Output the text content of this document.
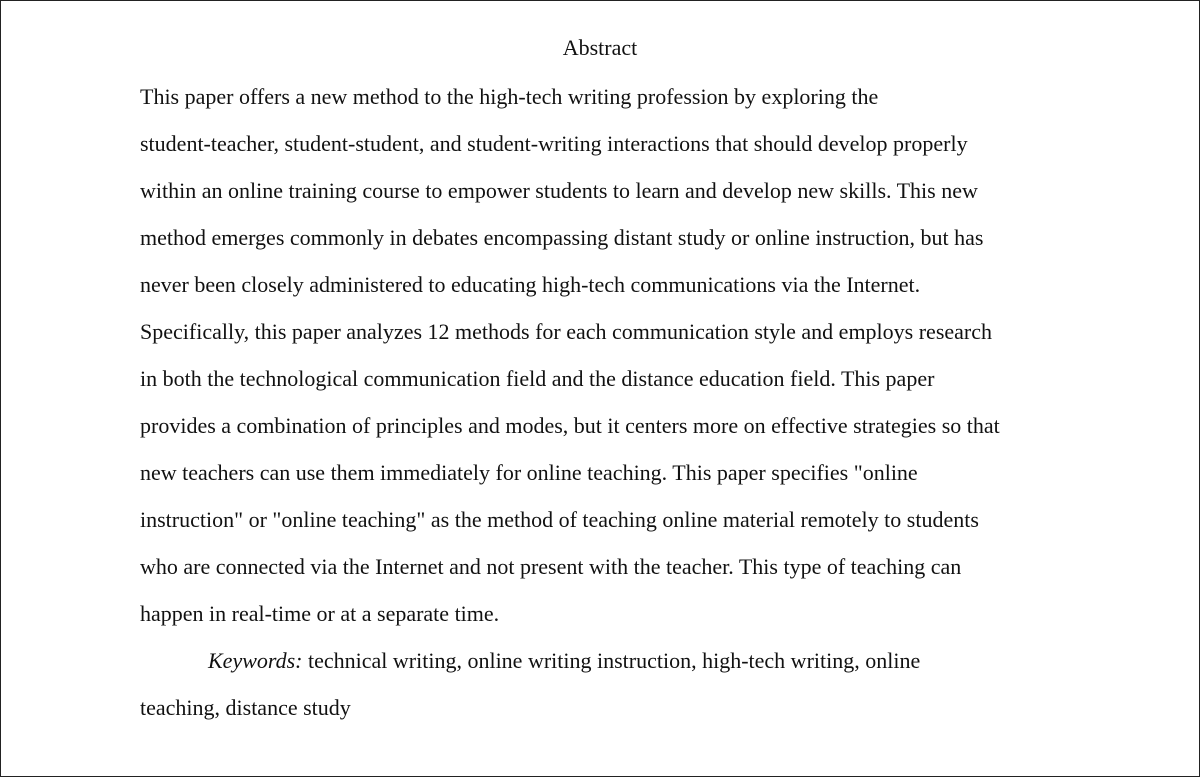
Abstract

This paper offers a new method to the high-tech writing profession by exploring the

student-teacher, student-student, and student-writing interactions that should develop properly

within an online training course to empower students to learn and develop new skills. This new

method emerges commonly in debates encompassing distant study or online instruction, but has

never been closely administered to educating high-tech communications via the Internet.

Specifically, this paper analyzes 12 methods for each communication style and employs research

in both the technological communication field and the distance education field. This paper

provides a combination of principles and modes, but it centers more on effective strategies so that

new teachers can use them immediately for online teaching. This paper specifies "online

instruction" or "online teaching" as the method of teaching online material remotely to students

who are connected via the Internet and not present with the teacher. This type of teaching can

happen in real-time or at a separate time.

Keywords: technical writing, online writing instruction, high-tech writing, online

teaching, distance study
